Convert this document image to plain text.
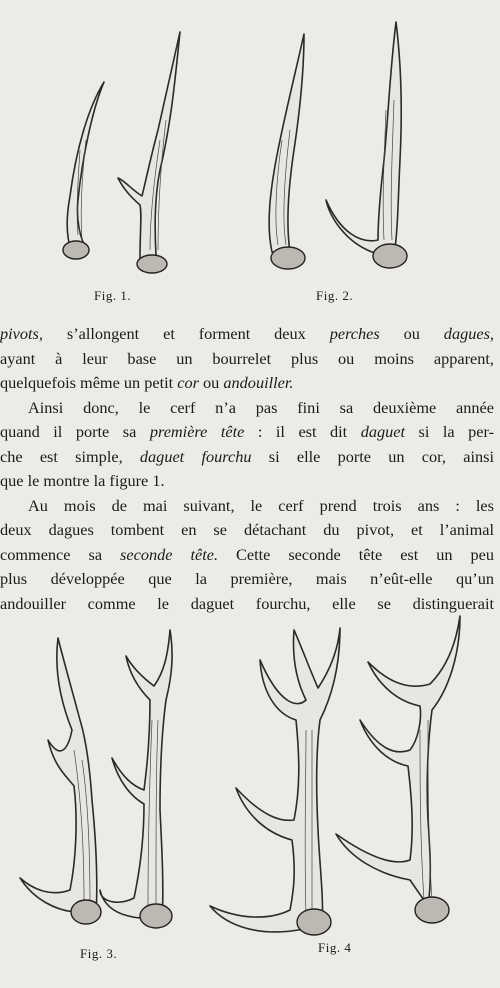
Fig. 1.	Fig. 2.
pivots, s’allongent et forment deux perches ou dagues,
ayant à leur base un bourrelet plus ou moins apparent,
quelquefois même un petit cor ou andouiller.
Ainsi donc, le cerf n’a pas fini sa deuxième année
quand il porte sa première tête : il est dit daguet si la per-
che est simple, daguet fourchu si elle porte un cor, ainsi
que le montre la figure 1.
Au mois de mai suivant, le cerf prend trois ans : les
deux dagues tombent en se détachant du pivot, et l’animal
commence sa seconde tête. Cette seconde tête est un peu
plus développée que la première, mais n’eût-elle qu’un
andouiller comme le daguet fourchu, elle se distinguerait
Fig. 3.	Fig. 4
